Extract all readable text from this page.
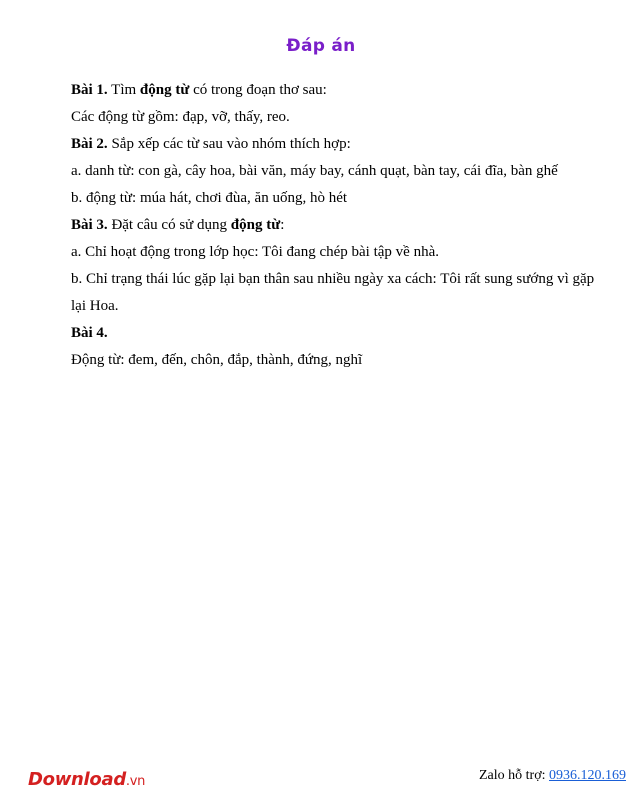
Đáp án
Bài 1. Tìm động từ có trong đoạn thơ sau:
Các động từ gồm: đạp, vỡ, thấy, reo.
Bài 2. Sắp xếp các từ sau vào nhóm thích hợp:
a. danh từ: con gà, cây hoa, bài văn, máy bay, cánh quạt, bàn tay, cái đĩa, bàn ghế
b. động từ: múa hát, chơi đùa, ăn uống, hò hét
Bài 3. Đặt câu có sử dụng động từ:
a. Chỉ hoạt động trong lớp học: Tôi đang chép bài tập về nhà.
b. Chỉ trạng thái lúc gặp lại bạn thân sau nhiều ngày xa cách: Tôi rất sung sướng vì gặp lại Hoa.
Bài 4.
Động từ: đem, đến, chôn, đắp, thành, đứng, nghĩ
Download.vn	Zalo hỗ trợ: 0936.120.169
